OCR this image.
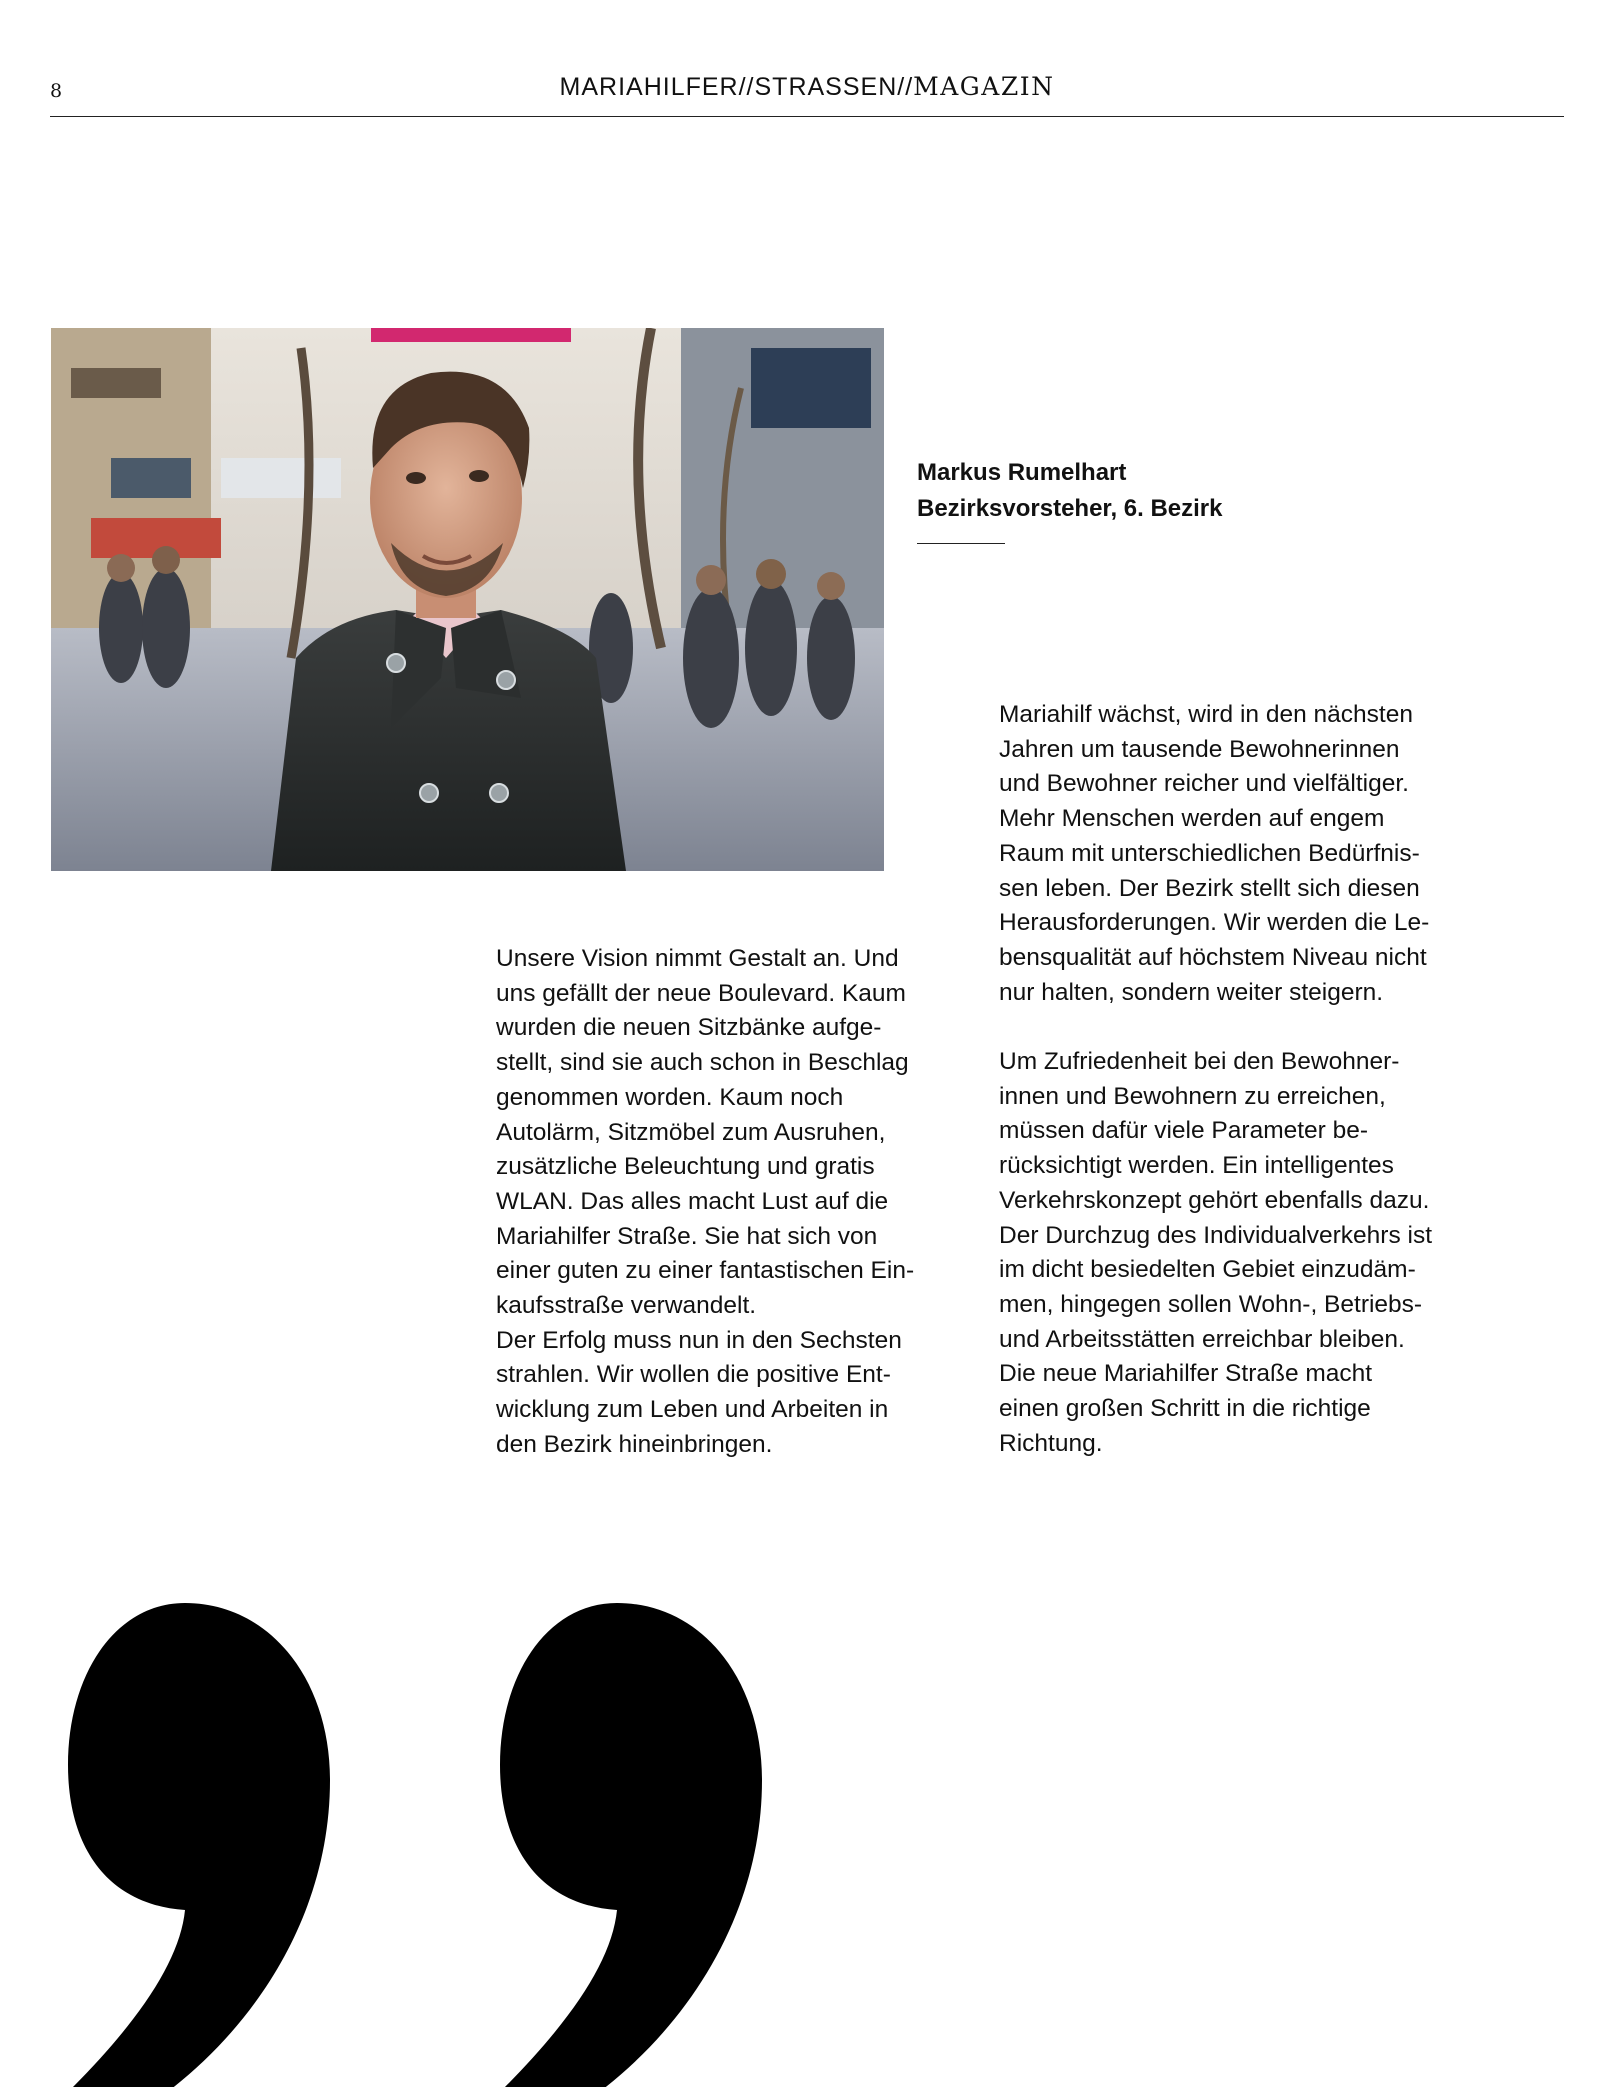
8	MARIAHILFER//STRASSEN//MAGAZIN
Markus Rumelhart
Bezirksvorsteher, 6. Bezirk
Unsere Vision nimmt Gestalt an. Und
uns gefällt der neue Boulevard. Kaum
wurden die neuen Sitzbänke aufge-
stellt, sind sie auch schon in Beschlag
genommen worden. Kaum noch
Autolärm, Sitzmöbel zum Ausruhen,
zusätzliche Beleuchtung und gratis
WLAN. Das alles macht Lust auf die
Mariahilfer Straße. Sie hat sich von
einer guten zu einer fantastischen Ein-
kaufsstraße verwandelt.
Der Erfolg muss nun in den Sechsten
strahlen. Wir wollen die positive Ent-
wicklung zum Leben und Arbeiten in
den Bezirk hineinbringen.

Mariahilf wächst, wird in den nächsten
Jahren um tausende Bewohnerinnen
und Bewohner reicher und vielfältiger.
Mehr Menschen werden auf engem
Raum mit unterschiedlichen Bedürfnis-
sen leben. Der Bezirk stellt sich diesen
Herausforderungen. Wir werden die Le-
bensqualität auf höchstem Niveau nicht
nur halten, sondern weiter steigern.

Um Zufriedenheit bei den Bewohner-
innen und Bewohnern zu erreichen,
müssen dafür viele Parameter be-
rücksichtigt werden. Ein intelligentes
Verkehrskonzept gehört ebenfalls dazu.
Der Durchzug des Individualverkehrs ist
im dicht besiedelten Gebiet einzudäm-
men, hingegen sollen Wohn-, Betriebs-
und Arbeitsstätten erreichbar bleiben.
Die neue Mariahilfer Straße macht
einen großen Schritt in die richtige
Richtung.
